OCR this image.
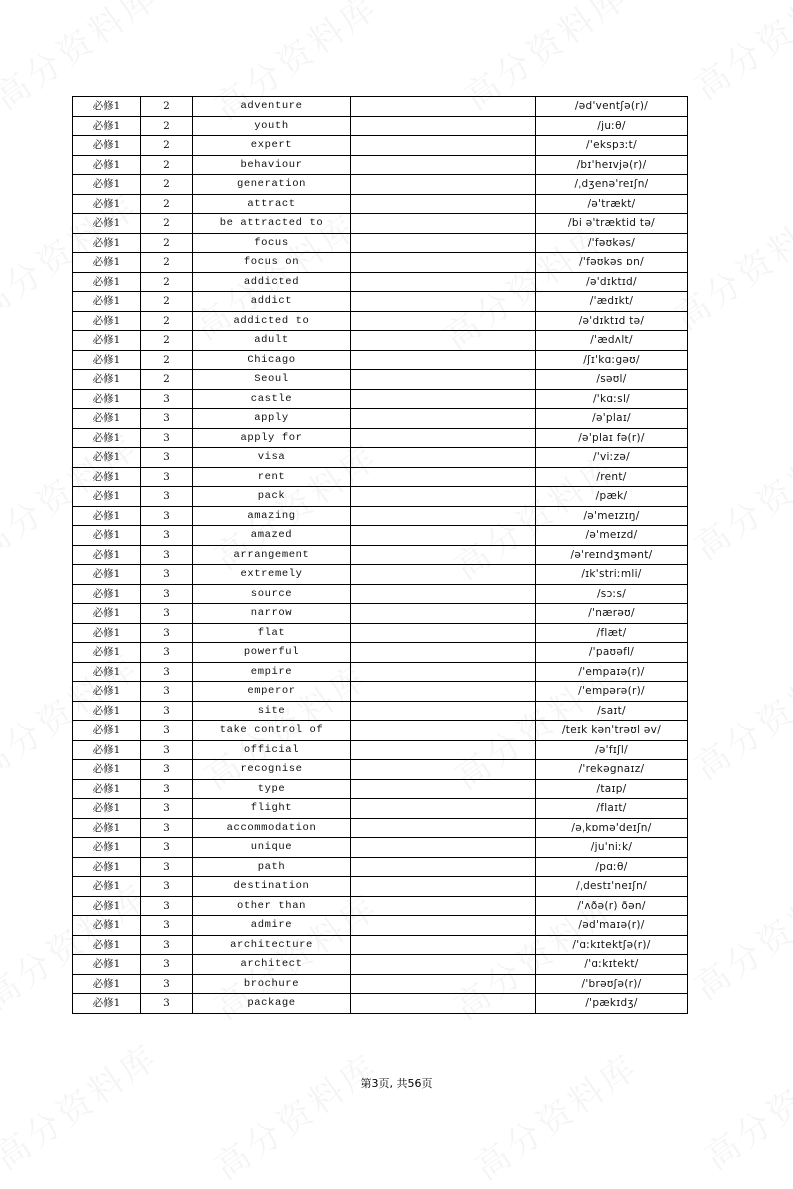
必修1	2	adventure		/əd'ventʃə(r)/
必修1	2	youth		/juːθ/
必修1	2	expert		/'ekspɜːt/
必修1	2	behaviour		/bɪ'heɪvjə(r)/
必修1	2	generation		/ˌdʒenə'reɪʃn/
必修1	2	attract		/ə'trækt/
必修1	2	be attracted to		/bi ə'træktid tə/
必修1	2	focus		/'fəʊkəs/
必修1	2	focus on		/'fəʊkəs ɒn/
必修1	2	addicted		/ə'dɪktɪd/
必修1	2	addict		/'ædɪkt/
必修1	2	addicted to		/ə'dɪktɪd tə/
必修1	2	adult		/'ædʌlt/
必修1	2	Chicago		/ʃɪ'kɑːgəʊ/
必修1	2	Seoul		/səʊl/
必修1	3	castle		/'kɑːsl/
必修1	3	apply		/ə'plaɪ/
必修1	3	apply for		/ə'plaɪ fə(r)/
必修1	3	visa		/'viːzə/
必修1	3	rent		/rent/
必修1	3	pack		/pæk/
必修1	3	amazing		/ə'meɪzɪŋ/
必修1	3	amazed		/ə'meɪzd/
必修1	3	arrangement		/ə'reɪndʒmənt/
必修1	3	extremely		/ɪk'striːmli/
必修1	3	source		/sɔːs/
必修1	3	narrow		/'nærəʊ/
必修1	3	flat		/flæt/
必修1	3	powerful		/'paʊəfl/
必修1	3	empire		/'empaɪə(r)/
必修1	3	emperor		/'empərə(r)/
必修1	3	site		/saɪt/
必修1	3	take control of		/teɪk kən'trəʊl əv/
必修1	3	official		/ə'fɪʃl/
必修1	3	recognise		/'rekəgnaɪz/
必修1	3	type		/taɪp/
必修1	3	flight		/flaɪt/
必修1	3	accommodation		/əˌkɒmə'deɪʃn/
必修1	3	unique		/ju'niːk/
必修1	3	path		/pɑːθ/
必修1	3	destination		/ˌdestɪ'neɪʃn/
必修1	3	other than		/'ʌðə(r) ðən/
必修1	3	admire		/əd'maɪə(r)/
必修1	3	architecture		/'ɑːkɪtektʃə(r)/
必修1	3	architect		/'ɑːkɪtekt/
必修1	3	brochure		/'brəʊʃə(r)/
必修1	3	package		/'pækɪdʒ/
第3页, 共56页
